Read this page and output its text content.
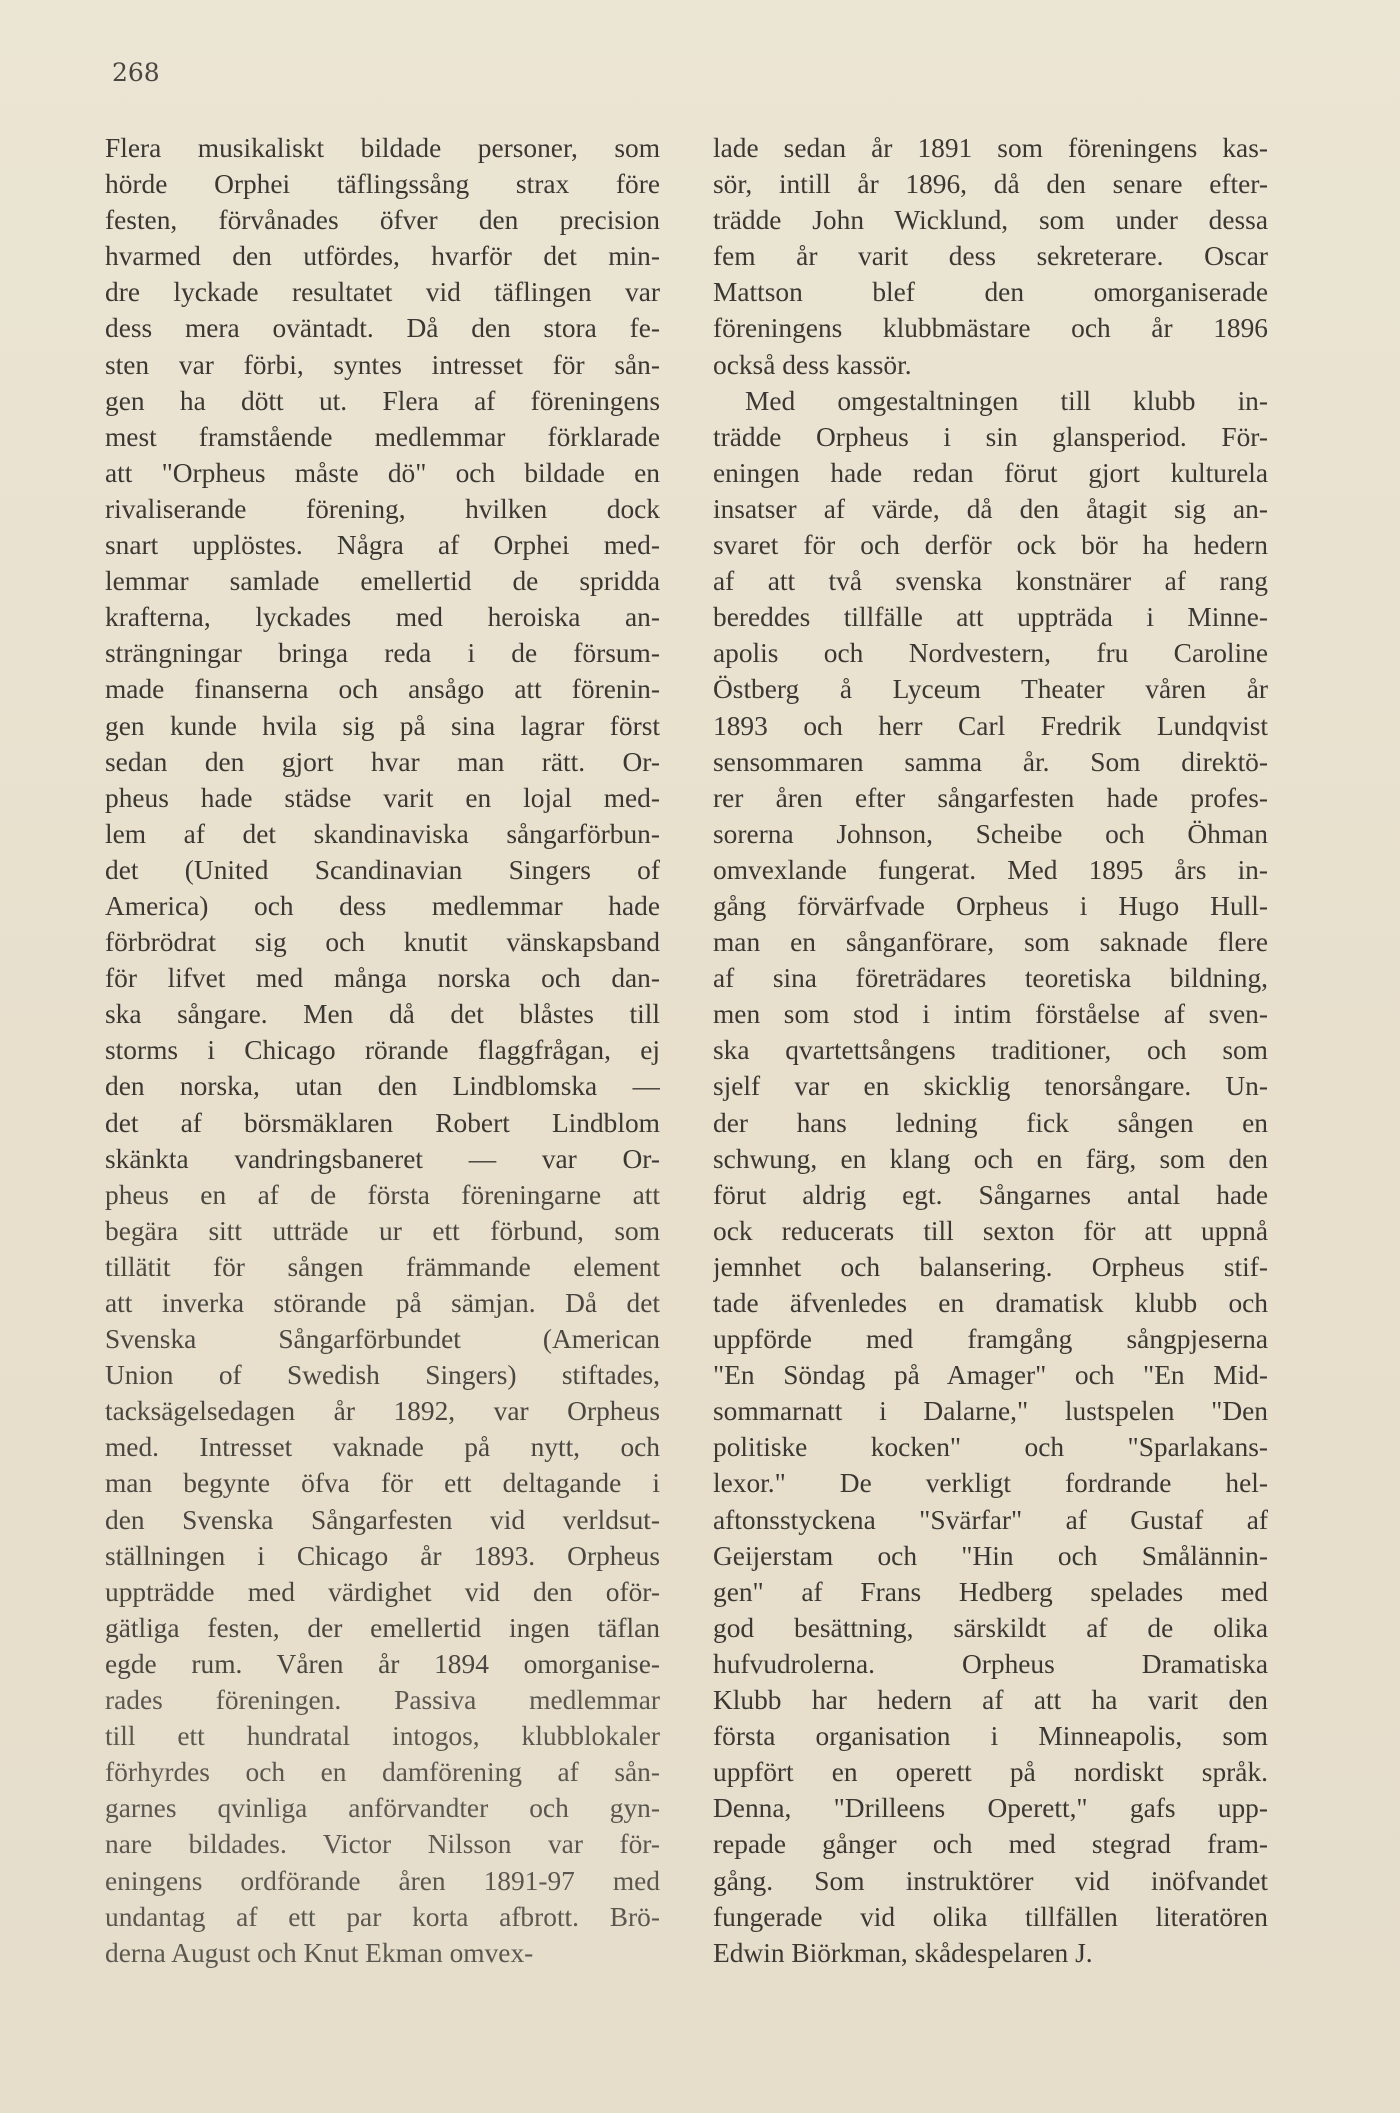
268
Flera musikaliskt bildade personer, som
hörde Orphei täflingssång strax före
festen, förvånades öfver den precision
hvarmed den utfördes, hvarför det min-
dre lyckade resultatet vid täflingen var
dess mera oväntadt. Då den stora fe-
sten var förbi, syntes intresset för sån-
gen ha dött ut. Flera af föreningens
mest framstående medlemmar förklarade
att "Orpheus måste dö" och bildade en
rivaliserande förening, hvilken dock
snart upplöstes. Några af Orphei med-
lemmar samlade emellertid de spridda
krafterna, lyckades med heroiska an-
strängningar bringa reda i de försum-
made finanserna och ansågo att förenin-
gen kunde hvila sig på sina lagrar först
sedan den gjort hvar man rätt. Or-
pheus hade städse varit en lojal med-
lem af det skandinaviska sångarförbun-
det (United Scandinavian Singers of
America) och dess medlemmar hade
förbrödrat sig och knutit vänskapsband
för lifvet med många norska och dan-
ska sångare. Men då det blåstes till
storms i Chicago rörande flaggfrågan, ej
den norska, utan den Lindblomska —
det af börsmäklaren Robert Lindblom
skänkta vandringsbaneret — var Or-
pheus en af de första föreningarne att
begära sitt utträde ur ett förbund, som
tillätit för sången främmande element
att inverka störande på sämjan. Då det
Svenska Sångarförbundet (American
Union of Swedish Singers) stiftades,
tacksägelsedagen år 1892, var Orpheus
med. Intresset vaknade på nytt, och
man begynte öfva för ett deltagande i
den Svenska Sångarfesten vid verldsut-
ställningen i Chicago år 1893. Orpheus
uppträdde med värdighet vid den oför-
gätliga festen, der emellertid ingen täflan
egde rum. Våren år 1894 omorganise-
rades föreningen. Passiva medlemmar
till ett hundratal intogos, klubblokaler
förhyrdes och en damförening af sån-
garnes qvinliga anförvandter och gyn-
nare bildades. Victor Nilsson var för-
eningens ordförande åren 1891-97 med
undantag af ett par korta afbrott. Brö-
derna August och Knut Ekman omvex-
lade sedan år 1891 som föreningens kas-
sör, intill år 1896, då den senare efter-
trädde John Wicklund, som under dessa
fem år varit dess sekreterare. Oscar
Mattson blef den omorganiserade
föreningens klubbmästare och år 1896
också dess kassör.
Med omgestaltningen till klubb in-
trädde Orpheus i sin glansperiod. För-
eningen hade redan förut gjort kulturela
insatser af värde, då den åtagit sig an-
svaret för och derför ock bör ha hedern
af att två svenska konstnärer af rang
bereddes tillfälle att uppträda i Minne-
apolis och Nordvestern, fru Caroline
Östberg å Lyceum Theater våren år
1893 och herr Carl Fredrik Lundqvist
sensommaren samma år. Som direktö-
rer åren efter sångarfesten hade profes-
sorerna Johnson, Scheibe och Öhman
omvexlande fungerat. Med 1895 års in-
gång förvärfvade Orpheus i Hugo Hull-
man en sånganförare, som saknade flere
af sina företrädares teoretiska bildning,
men som stod i intim förståelse af sven-
ska qvartettsångens traditioner, och som
sjelf var en skicklig tenorsångare. Un-
der hans ledning fick sången en
schwung, en klang och en färg, som den
förut aldrig egt. Sångarnes antal hade
ock reducerats till sexton för att uppnå
jemnhet och balansering. Orpheus stif-
tade äfvenledes en dramatisk klubb och
uppförde med framgång sångpjeserna
"En Söndag på Amager" och "En Mid-
sommarnatt i Dalarne," lustspelen "Den
politiske kocken" och "Sparlakans-
lexor." De verkligt fordrande hel-
aftonsstyckena "Svärfar" af Gustaf af
Geijerstam och "Hin och Smålännin-
gen" af Frans Hedberg spelades med
god besättning, särskildt af de olika
hufvudrolerna. Orpheus Dramatiska
Klubb har hedern af att ha varit den
första organisation i Minneapolis, som
uppfört en operett på nordiskt språk.
Denna, "Drilleens Operett," gafs upp-
repade gånger och med stegrad fram-
gång. Som instruktörer vid inöfvandet
fungerade vid olika tillfällen literatören
Edwin Biörkman, skådespelaren J.
